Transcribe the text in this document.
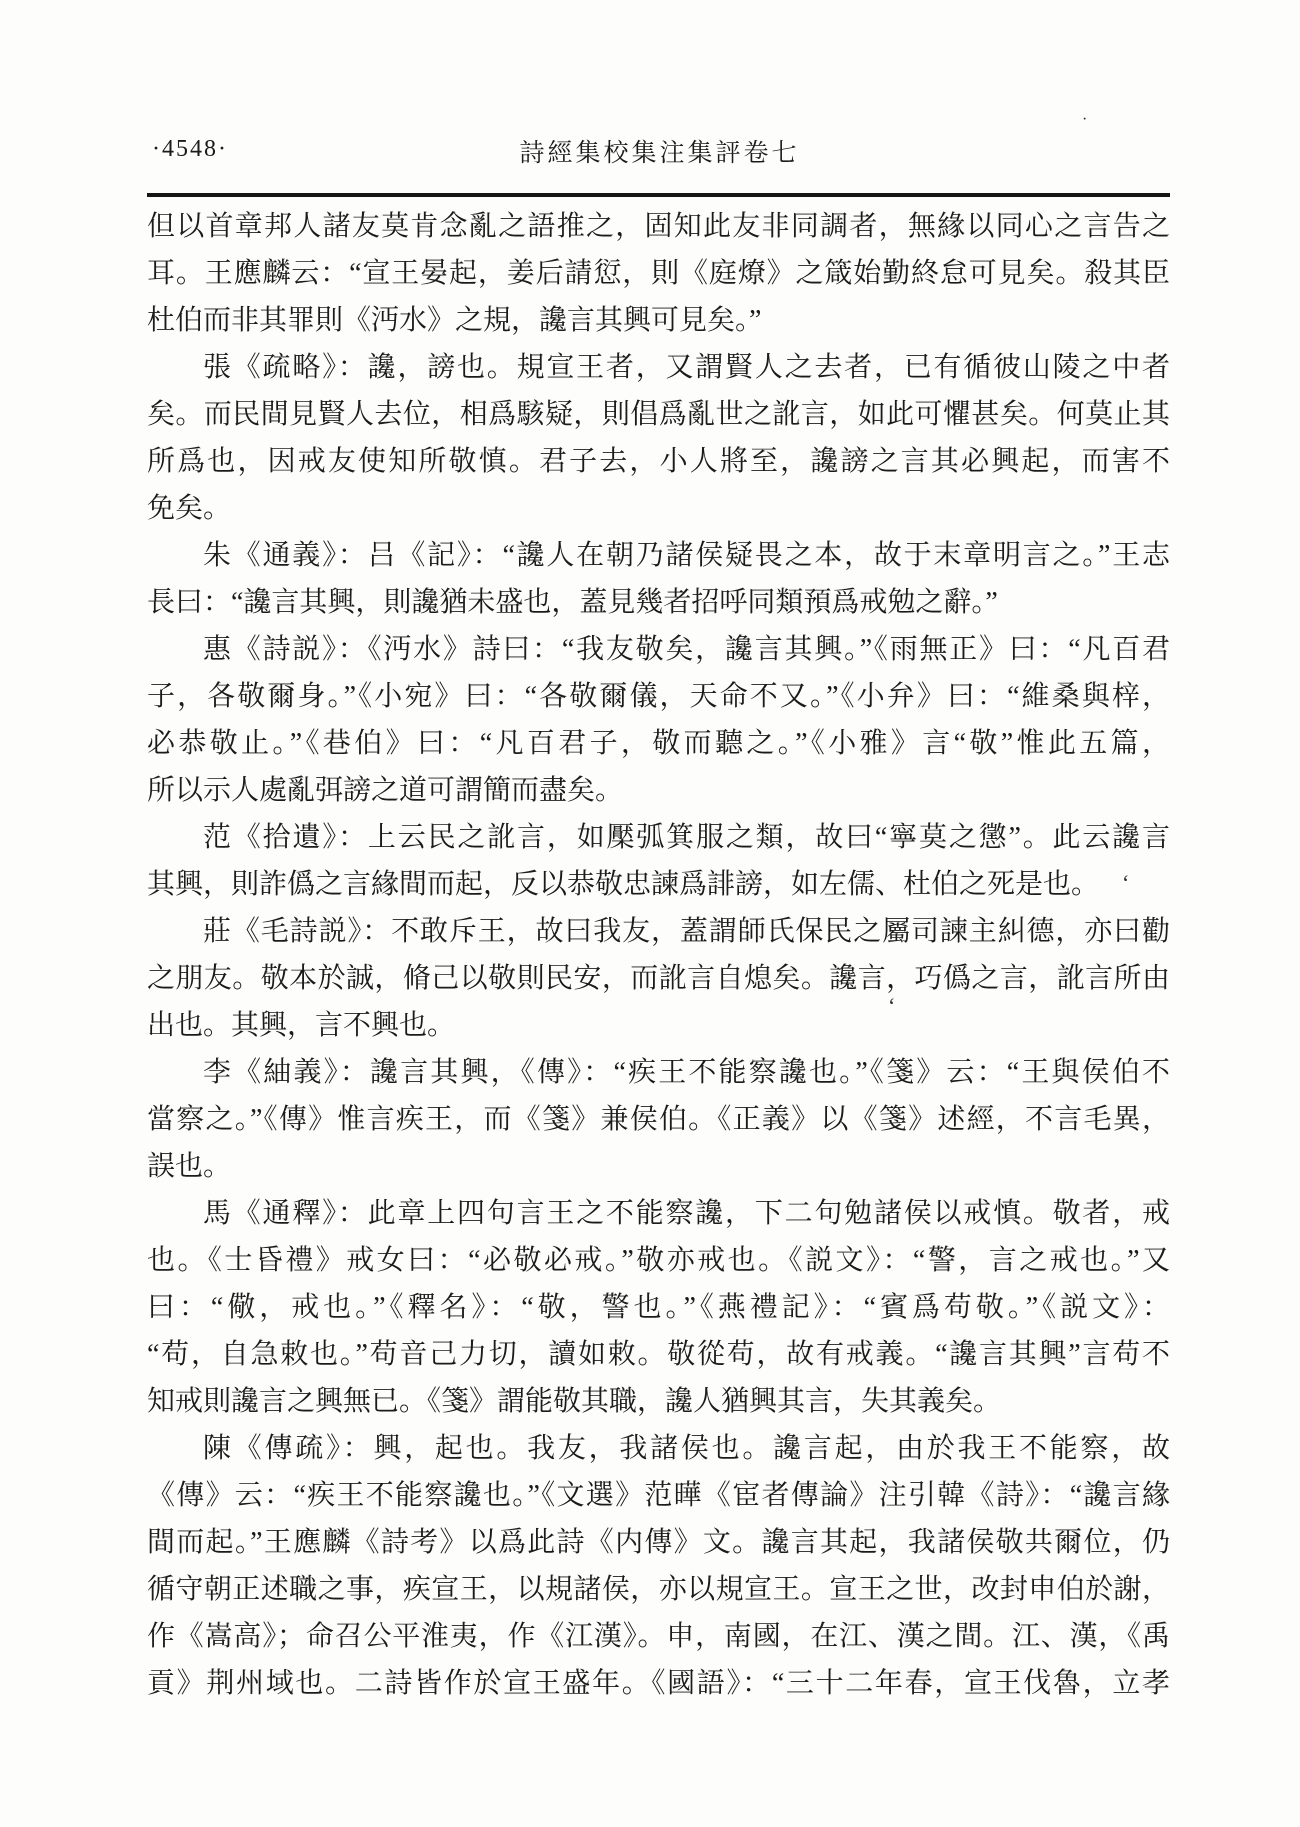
·4548·	詩經集校集注集評卷七
但以首章邦人諸友莫肯念亂之語推之，固知此友非同調者，無緣以同心之言告之
耳。王應麟云：“宣王晏起，姜后請愆，則《庭燎》之箴始勤終怠可見矣。殺其臣
杜伯而非其罪則《沔水》之規，讒言其興可見矣。”
張《疏略》：讒，謗也。規宣王者，又謂賢人之去者，已有循彼山陵之中者
矣。而民間見賢人去位，相爲駭疑，則倡爲亂世之訛言，如此可懼甚矣。何莫止其
所爲也，因戒友使知所敬慎。君子去，小人將至，讒謗之言其必興起，而害不
免矣。
朱《通義》：吕《記》：“讒人在朝乃諸侯疑畏之本，故于末章明言之。”王志
長曰：“讒言其興，則讒猶未盛也，蓋見幾者招呼同類預爲戒勉之辭。”
惠《詩説》：《沔水》詩曰：“我友敬矣，讒言其興。”《雨無正》曰：“凡百君
子，各敬爾身。”《小宛》曰：“各敬爾儀，天命不又。”《小弁》曰：“維桑與梓，
必恭敬止。”《巷伯》曰：“凡百君子，敬而聽之。”《小雅》言“敬”惟此五篇，
所以示人處亂弭謗之道可謂簡而盡矣。
范《拾遺》：上云民之訛言，如檿弧箕服之類，故曰“寧莫之懲”。此云讒言
其興，則詐僞之言緣間而起，反以恭敬忠諫爲誹謗，如左儒、杜伯之死是也。
莊《毛詩説》：不敢斥王，故曰我友，蓋謂師氏保民之屬司諫主糾德，亦曰勸
之朋友。敬本於誠，脩己以敬則民安，而訛言自熄矣。讒言，巧僞之言，訛言所由
出也。其興，言不興也。
李《紬義》：讒言其興，《傳》：“疾王不能察讒也。”《箋》云：“王與侯伯不
當察之。”《傳》惟言疾王，而《箋》兼侯伯。《正義》以《箋》述經，不言毛異，
誤也。
馬《通釋》：此章上四句言王之不能察讒，下二句勉諸侯以戒慎。敬者，戒
也。《士昏禮》戒女曰：“必敬必戒。”敬亦戒也。《説文》：“警，言之戒也。”又
曰：“儆，戒也。”《釋名》：“敬，警也。”《燕禮記》：“賓爲苟敬。”《説文》：
“苟，自急敕也。”苟音己力切，讀如敕。敬從苟，故有戒義。“讒言其興”言苟不
知戒則讒言之興無已。《箋》謂能敬其職，讒人猶興其言，失其義矣。
陳《傳疏》：興，起也。我友，我諸侯也。讒言起，由於我王不能察，故
《傳》云：“疾王不能察讒也。”《文選》范曄《宦者傳論》注引韓《詩》：“讒言緣
間而起。”王應麟《詩考》以爲此詩《内傳》文。讒言其起，我諸侯敬共爾位，仍
循守朝正述職之事，疾宣王，以規諸侯，亦以規宣王。宣王之世，改封申伯於謝，
作《嵩高》；命召公平淮夷，作《江漢》。申，南國，在江、漢之間。江、漢，《禹
貢》荆州域也。二詩皆作於宣王盛年。《國語》：“三十二年春，宣王伐魯，立孝
·
‘
‘
